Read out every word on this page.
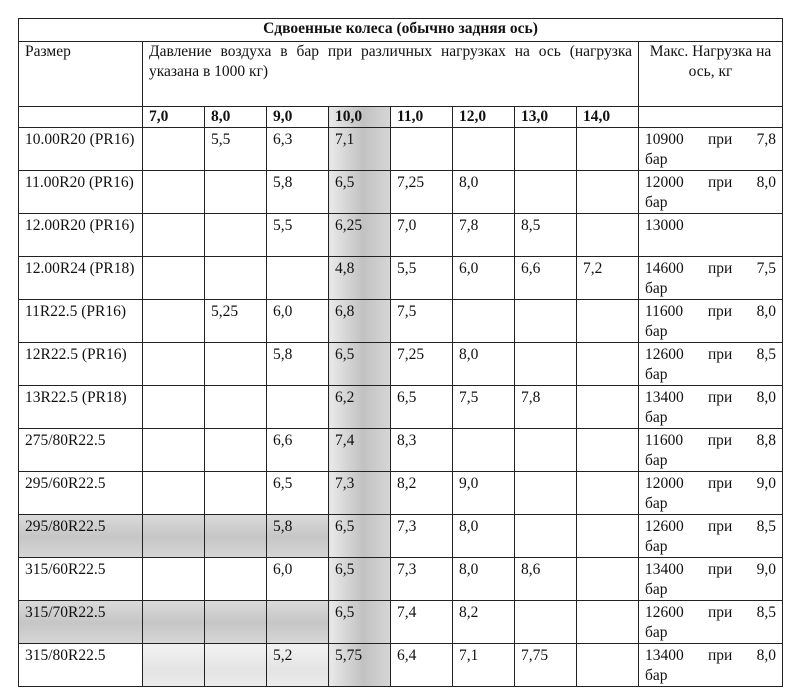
Сдвоенные колеса (обычно задняя ось)									
Размер	Давление воздуха в бар при различных нагрузках на ось (нагрузка указана в 1000 кг)								Макс. Нагрузка на ось, кг
	7,0	8,0	9,0	10,0	11,0	12,0	13,0	14,0	
10.00R20 (PR16)		5,5	6,3	7,1					10900 при 7,8
бар

11.00R20 (PR16)			5,8	6,5	7,25	8,0			12000 при 8,0
бар

12.00R20 (PR16)			5,5	6,25	7,0	7,8	8,5		13000

12.00R24 (PR18)				4,8	5,5	6,0	6,6	7,2	14600 при 7,5
бар

11R22.5 (PR16)		5,25	6,0	6,8	7,5				11600 при 8,0
бар

12R22.5 (PR16)			5,8	6,5	7,25	8,0			12600 при 8,5
бар

13R22.5 (PR18)				6,2	6,5	7,5	7,8		13400 при 8,0
бар

275/80R22.5			6,6	7,4	8,3				11600 при 8,8
бар

295/60R22.5			6,5	7,3	8,2	9,0			12000 при 9,0
бар

295/80R22.5			5,8	6,5	7,3	8,0			12600 при 8,5
бар

315/60R22.5			6,0	6,5	7,3	8,0	8,6		13400 при 9,0
бар

315/70R22.5				6,5	7,4	8,2			12600 при 8,5
бар

315/80R22.5			5,2	5,75	6,4	7,1	7,75		13400 при 8,0
бар
